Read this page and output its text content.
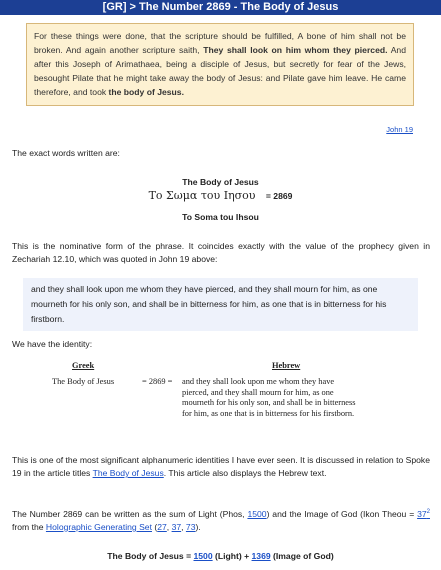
[GR] > The Number 2869 - The Body of Jesus
For these things were done, that the scripture should be fulfilled, A bone of him shall not be broken. And again another scripture saith, They shall look on him whom they pierced. And after this Joseph of Arimathaea, being a disciple of Jesus, but secretly for fear of the Jews, besought Pilate that he might take away the body of Jesus: and Pilate gave him leave. He came therefore, and took the body of Jesus.
John 19
The exact words written are:
The Body of Jesus
Το Σωμα του Ιησου = 2869
To Soma tou Ihsou
This is the nominative form of the phrase. It coincides exactly with the value of the prophecy given in Zechariah 12.10, which was quoted in John 19 above:
and they shall look upon me whom they have pierced, and they shall mourn for him, as one mourneth for his only son, and shall be in bitterness for him, as one that is in bitterness for his firstborn.
We have the identity:
Greek	Hebrew
The Body of Jesus	= 2869 = and they shall look upon me whom they have
pierced, and they shall mourn for him, as one
mourneth for his only son, and shall be in bitterness
for him, as one that is in bitterness for his firstborn.
This is one of the most significant alphanumeric identities I have ever seen. It is discussed in relation to Spoke 19 in the article titles The Body of Jesus. This article also displays the Hebrew text.
The Number 2869 can be written as the sum of Light (Phos, 1500) and the Image of God (Ikon Theou = $37^2$ from the Holographic Generating Set (27, 37, 73).
The Body of Jesus = 1500 (Light) + 1369 (Image of God)
